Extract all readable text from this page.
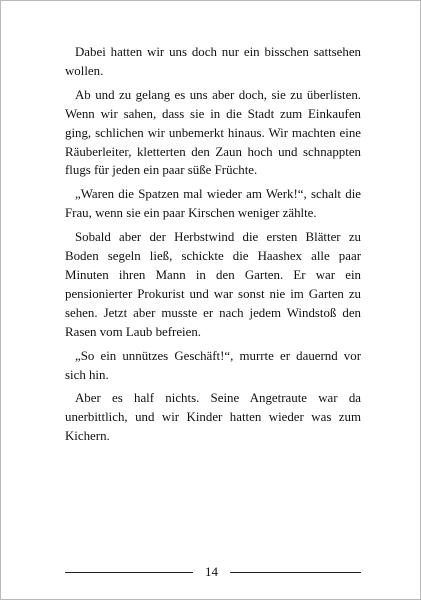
Dabei hatten wir uns doch nur ein bisschen sattsehen wollen.

Ab und zu gelang es uns aber doch, sie zu überlisten. Wenn wir sahen, dass sie in die Stadt zum Einkaufen ging, schlichen wir unbemerkt hinaus. Wir machten eine Räuberleiter, kletterten den Zaun hoch und schnappten flugs für jeden ein paar süße Früchte.

„Waren die Spatzen mal wieder am Werk!“, schalt die Frau, wenn sie ein paar Kirschen weniger zählte.

Sobald aber der Herbstwind die ersten Blätter zu Boden segeln ließ, schickte die Haashex alle paar Minuten ihren Mann in den Garten. Er war ein pensionierter Prokurist und war sonst nie im Garten zu sehen. Jetzt aber musste er nach jedem Windstoß den Rasen vom Laub befreien.

„So ein unnützes Geschäft!“, murrte er dauernd vor sich hin.

Aber es half nichts. Seine Angetraute war da unerbittlich, und wir Kinder hatten wieder was zum Kichern.

14
